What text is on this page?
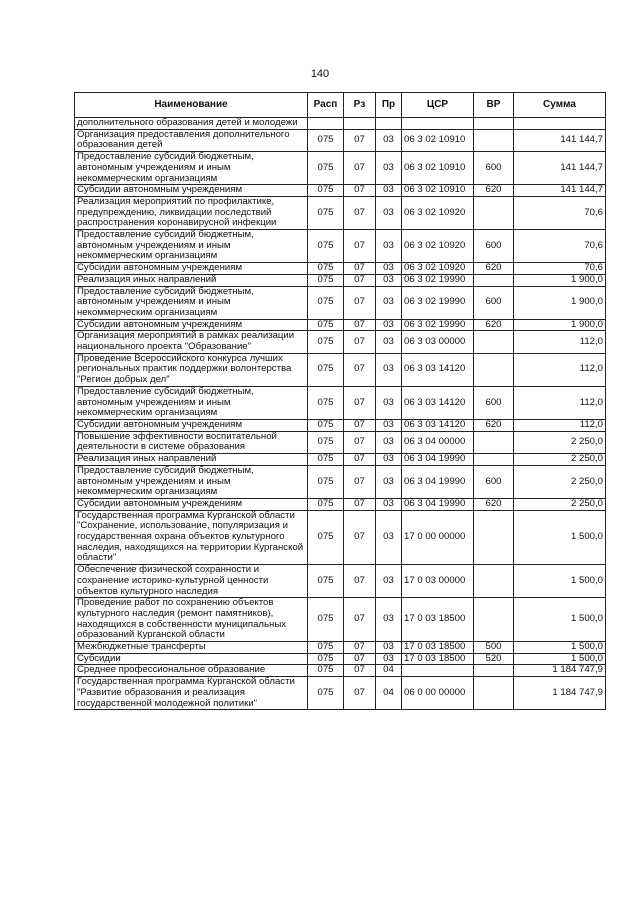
140
Наименование	Расп	Рз	Пр	ЦСР	ВР	Сумма
дополнительного образования детей и молодежи						
Организация предоставления дополнительного образования детей	075	07	03	06 3 02 10910		141 144,7
Предоставление субсидий бюджетным, автономным учреждениям и иным некоммерческим организациям	075	07	03	06 3 02 10910	600	141 144,7
Субсидии автономным учреждениям	075	07	03	06 3 02 10910	620	141 144,7
Реализация мероприятий по профилактике, предупреждению, ликвидации последствий распространения коронавирусной инфекции	075	07	03	06 3 02 10920		70,6
Предоставление субсидий бюджетным, автономным учреждениям и иным некоммерческим организациям	075	07	03	06 3 02 10920	600	70,6
Субсидии автономным учреждениям	075	07	03	06 3 02 10920	620	70,6
Реализация иных направлений	075	07	03	06 3 02 19990		1 900,0
Предоставление субсидий бюджетным, автономным учреждениям и иным некоммерческим организациям	075	07	03	06 3 02 19990	600	1 900,0
Субсидии автономным учреждениям	075	07	03	06 3 02 19990	620	1 900,0
Организация мероприятий в рамках реализации национального проекта "Образование"	075	07	03	06 3 03 00000		112,0
Проведение Всероссийского конкурса лучших региональных практик поддержки волонтерства "Регион добрых дел"	075	07	03	06 3 03 14120		112,0
Предоставление субсидий бюджетным, автономным учреждениям и иным некоммерческим организациям	075	07	03	06 3 03 14120	600	112,0
Субсидии автономным учреждениям	075	07	03	06 3 03 14120	620	112,0
Повышение эффективности воспитательной деятельности в системе образования	075	07	03	06 3 04 00000		2 250,0
Реализация иных направлений	075	07	03	06 3 04 19990		2 250,0
Предоставление субсидий бюджетным, автономным учреждениям и иным некоммерческим организациям	075	07	03	06 3 04 19990	600	2 250,0
Субсидии автономным учреждениям	075	07	03	06 3 04 19990	620	2 250,0
Государственная программа Курганской области "Сохранение, использование, популяризация и государственная охрана объектов культурного наследия, находящихся на территории Курганской области"	075	07	03	17 0 00 00000		1 500,0
Обеспечение физической сохранности и сохранение историко-культурной ценности объектов культурного наследия	075	07	03	17 0 03 00000		1 500,0
Проведение работ по сохранению объектов культурного наследия (ремонт памятников), находящихся в собственности муниципальных образований Курганской области	075	07	03	17 0 03 18500		1 500,0
Межбюджетные трансферты	075	07	03	17 0 03 18500	500	1 500,0
Субсидии	075	07	03	17 0 03 18500	520	1 500,0
Среднее профессиональное образование	075	07	04			1 184 747,9
Государственная программа Курганской области "Развитие образования и реализация государственной молодежной политики"	075	07	04	06 0 00 00000		1 184 747,9
